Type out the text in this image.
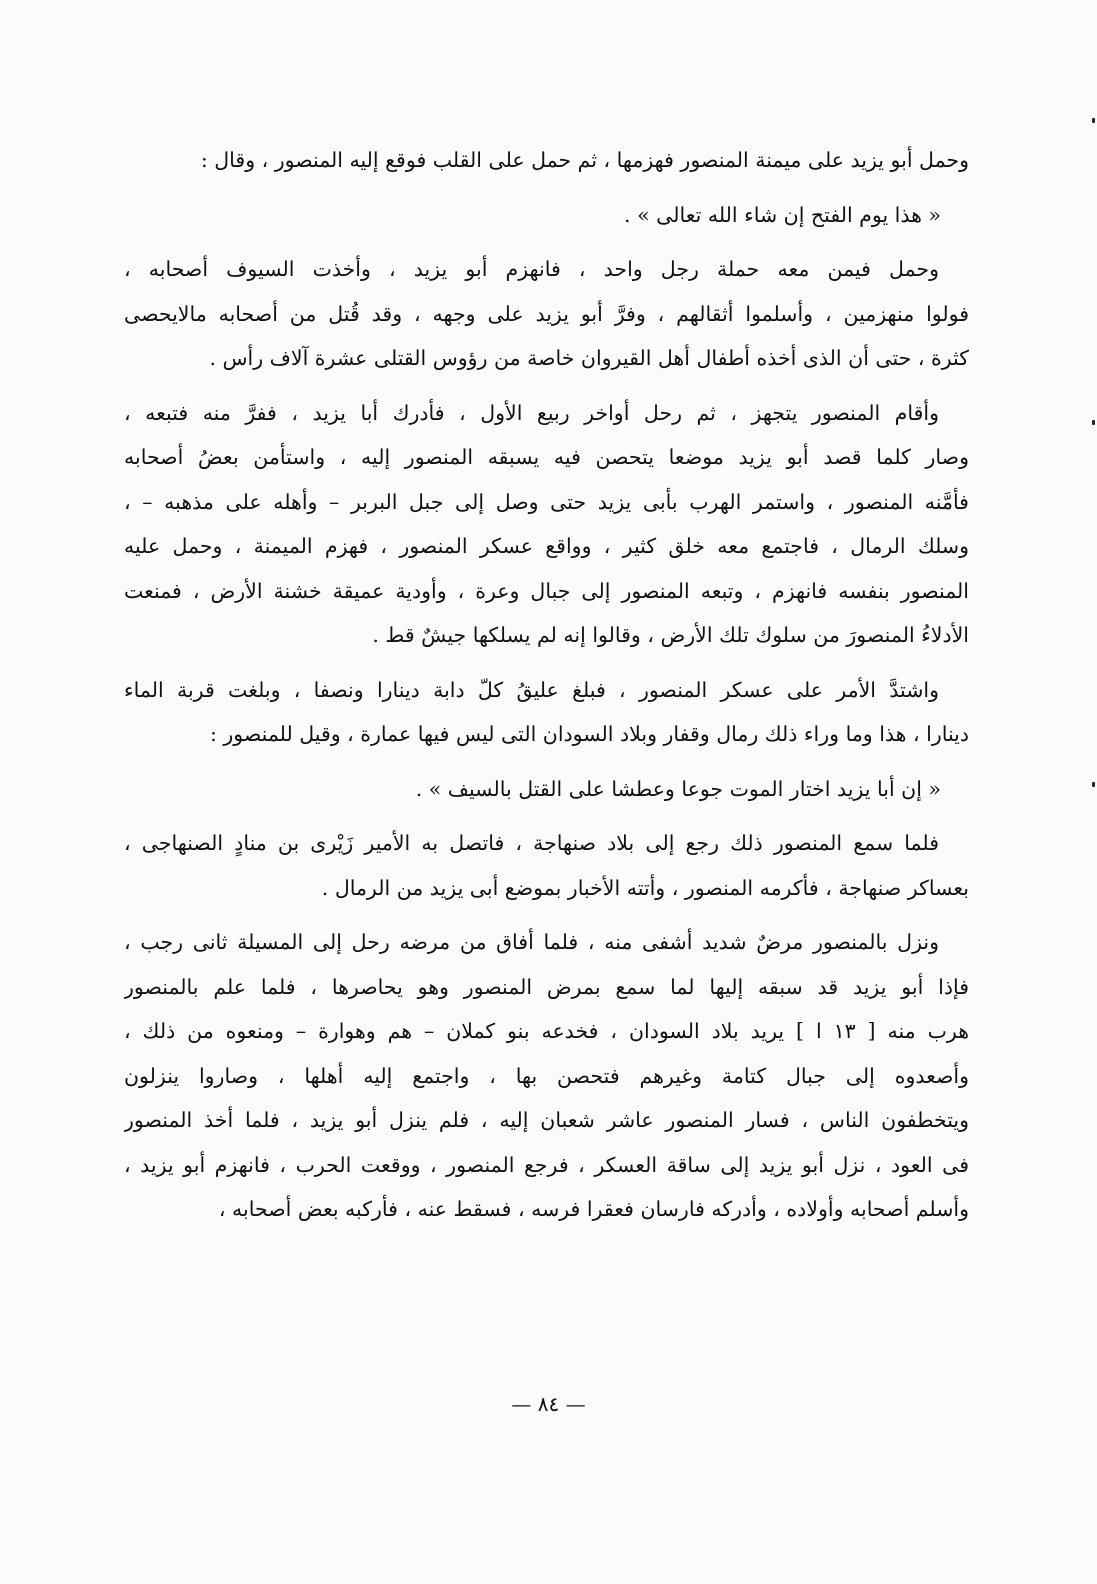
وحمل أبو يزيد على ميمنة المنصور فهزمها ، ثم حمل على القلب فوقع إليه المنصور ، وقال :
« هذا يوم الفتح إن شاء الله تعالى » .
وحمل فيمن معه حملة رجل واحد ، فانهزم أبو يزيد ، وأخذت السيوف أصحابه ،
فولوا منهزمين ، وأسلموا أثقالهم ، وفرَّ أبو يزيد على وجهه ، وقد قُتل من أصحابه مالايحصى
كثرة ، حتى أن الذى أخذه أطفال أهل القيروان خاصة من رؤوس القتلى عشرة آلاف رأس .
وأقام المنصور يتجهز ، ثم رحل أواخر ربيع الأول ، فأدرك أبا يزيد ، ففرَّ منه فتبعه ،
وصار كلما قصد أبو يزيد موضعا يتحصن فيه يسبقه المنصور إليه ، واستأمن بعضُ أصحابه
فأمَّنه المنصور ، واستمر الهرب بأبى يزيد حتى وصل إلى جبل البربر – وأهله على مذهبه – ،
وسلك الرمال ، فاجتمع معه خلق كثير ، وواقع عسكر المنصور ، فهزم الميمنة ، وحمل عليه
المنصور بنفسه فانهزم ، وتبعه المنصور إلى جبال وعرة ، وأودية عميقة خشنة الأرض ، فمنعت
الأدلاءُ المنصورَ من سلوك تلك الأرض ، وقالوا إنه لم يسلكها جيشٌ قط .
واشتدَّ الأمر على عسكر المنصور ، فبلغ عليقُ كلّ دابة دينارا ونصفا ، وبلغت قربة الماء
دينارا ، هذا وما وراء ذلك رمال وقفار وبلاد السودان التى ليس فيها عمارة ، وقيل للمنصور :
« إن أبا يزيد اختار الموت جوعا وعطشا على القتل بالسيف » .
فلما سمع المنصور ذلك رجع إلى بلاد صنهاجة ، فاتصل به الأمير زَيْرى بن منادٍ الصنهاجى ،
بعساكر صنهاجة ، فأكرمه المنصور ، وأتته الأخبار بموضع أبى يزيد من الرمال .
ونزل بالمنصور مرضٌ شديد أشفى منه ، فلما أفاق من مرضه رحل إلى المسيلة ثانى رجب ،
فإذا أبو يزيد قد سبقه إليها لما سمع بمرض المنصور وهو يحاصرها ، فلما علم بالمنصور
هرب منه [ ١٣ ا ] يريد بلاد السودان ، فخدعه بنو كملان – هم وهوارة – ومنعوه من ذلك ،
وأصعدوه إلى جبال كتامة وغيرهم فتحصن بها ، واجتمع إليه أهلها ، وصاروا ينزلون
ويتخطفون الناس ، فسار المنصور عاشر شعبان إليه ، فلم ينزل أبو يزيد ، فلما أخذ المنصور
فى العود ، نزل أبو يزيد إلى ساقة العسكر ، فرجع المنصور ، ووقعت الحرب ، فانهزم أبو يزيد ،
وأسلم أصحابه وأولاده ، وأدركه فارسان فعقرا فرسه ، فسقط عنه ، فأركبه بعض أصحابه ،
— ٨٤ —
